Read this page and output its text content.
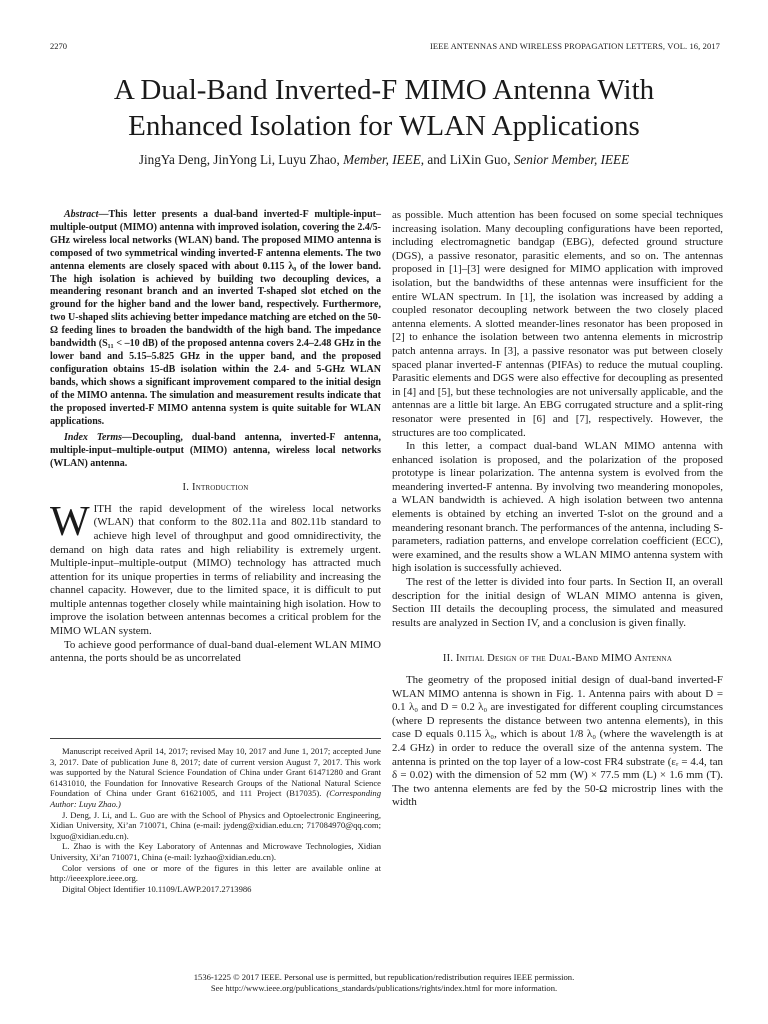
2270	IEEE ANTENNAS AND WIRELESS PROPAGATION LETTERS, VOL. 16, 2017
A Dual-Band Inverted-F MIMO Antenna With
Enhanced Isolation for WLAN Applications
JingYa Deng, JinYong Li, Luyu Zhao, Member, IEEE, and LiXin Guo, Senior Member, IEEE

Abstract—This letter presents a dual-band inverted-F multiple-input–multiple-output (MIMO) antenna with improved isolation, covering the 2.4/5-GHz wireless local networks (WLAN) band. The proposed MIMO antenna is composed of two symmetrical winding inverted-F antenna elements. The two antenna elements are closely spaced with about 0.115 λ₀ of the lower band. The high isolation is achieved by building two decoupling devices, a meandering resonant branch and an inverted T-shaped slot etched on the ground for the higher band and the lower band, respectively. Furthermore, two U-shaped slits achieving better impedance matching are etched on the 50-Ω feeding lines to broaden the bandwidth of the high band. The impedance bandwidth (S₁₁ < –10 dB) of the proposed antenna covers 2.4–2.48 GHz in the lower band and 5.15–5.825 GHz in the upper band, and the proposed configuration obtains 15-dB isolation within the 2.4- and 5-GHz WLAN bands, which shows a significant improvement compared to the initial design of the MIMO antenna. The simulation and measurement results indicate that the proposed inverted-F MIMO antenna system is quite suitable for WLAN applications.

Index Terms—Decoupling, dual-band antenna, inverted-F antenna, multiple-input–multiple-output (MIMO) antenna, wireless local networks (WLAN) antenna.

I. Introduction

WITH the rapid development of the wireless local networks (WLAN) that conform to the 802.11a and 802.11b standard to achieve high level of throughput and good omnidirectivity, the demand on high data rates and high reliability is extremely urgent. Multiple-input–multiple-output (MIMO) technology has attracted much attention for its unique properties in terms of reliability and increasing the channel capacity. However, due to the limited space, it is difficult to put multiple antennas together closely while maintaining high isolation. How to improve the isolation between antennas becomes a critical problem for the MIMO WLAN system.

To achieve good performance of dual-band dual-element WLAN MIMO antenna, the ports should be as uncorrelated

as possible. Much attention has been focused on some special techniques increasing isolation. Many decoupling configurations have been reported, including electromagnetic bandgap (EBG), defected ground structure (DGS), a passive resonator, parasitic elements, and so on. The antennas proposed in [1]–[3] were designed for MIMO application with improved isolation, but the bandwidths of these antennas were insufficient for the entire WLAN spectrum. In [1], the isolation was increased by adding a coupled resonator decoupling network between the two closely placed antenna elements. A slotted meander-lines resonator has been proposed in [2] to enhance the isolation between two antenna elements in microstrip patch antenna arrays. In [3], a passive resonator was put between closely spaced planar inverted-F antennas (PIFAs) to reduce the mutual coupling. Parasitic elements and DGS were also effective for decoupling as presented in [4] and [5], but these technologies are not universally applicable, and the antennas are a little bit large. An EBG corrugated structure and a split-ring resonator were presented in [6] and [7], respectively. However, the structures are too complicated.

In this letter, a compact dual-band WLAN MIMO antenna with enhanced isolation is proposed, and the polarization of the proposed prototype is linear polarization. The antenna system is evolved from the meandering inverted-F antenna. By involving two meandering monopoles, a WLAN bandwidth is achieved. A high isolation between two antenna elements is obtained by etching an inverted T-slot on the ground and a meandering resonant branch. The performances of the antenna, including S-parameters, radiation patterns, and envelope correlation coefficient (ECC), were examined, and the results show a WLAN MIMO antenna system with high isolation is successfully achieved.

The rest of the letter is divided into four parts. In Section II, an overall description for the initial design of WLAN MIMO antenna is given, Section III details the decoupling process, the simulated and measured results are analyzed in Section IV, and a conclusion is given finally.

II. Initial Design of the Dual-Band MIMO Antenna

The geometry of the proposed initial design of dual-band inverted-F WLAN MIMO antenna is shown in Fig. 1. Antenna pairs with about D = 0.1 λ₀ and D = 0.2 λ₀ are investigated for different coupling circumstances (where D represents the distance between two antenna elements), in this case D equals 0.115 λ₀, which is about 1/8 λ₀ (where the wavelength is at 2.4 GHz) in order to reduce the overall size of the antenna system. The antenna is printed on the top layer of a low-cost FR4 substrate (εᵣ = 4.4, tan δ = 0.02) with the dimension of 52 mm (W) × 77.5 mm (L) × 1.6 mm (T). The two antenna elements are fed by the 50-Ω microstrip lines with the width

Manuscript received April 14, 2017; revised May 10, 2017 and June 1, 2017; accepted June 3, 2017. Date of publication June 8, 2017; date of current version August 7, 2017. This work was supported by the Natural Science Foundation of China under Grant 61471280 and Grant 61431010, the Foundation for Innovative Research Groups of the National Natural Science Foundation of China under Grant 61621005, and 111 Project (B17035). (Corresponding Author: Luyu Zhao.)

J. Deng, J. Li, and L. Guo are with the School of Physics and Optoelectronic Engineering, Xidian University, Xi’an 710071, China (e-mail: jydeng@xidian.edu.cn; 717084970@qq.com; lxguo@xidian.edu.cn).

L. Zhao is with the Key Laboratory of Antennas and Microwave Technologies, Xidian University, Xi’an 710071, China (e-mail: lyzhao@xidian.edu.cn).

Color versions of one or more of the figures in this letter are available online at http://ieeexplore.ieee.org.

Digital Object Identifier 10.1109/LAWP.2017.2713986

1536-1225 © 2017 IEEE. Personal use is permitted, but republication/redistribution requires IEEE permission.
See http://www.ieee.org/publications_standards/publications/rights/index.html for more information.
